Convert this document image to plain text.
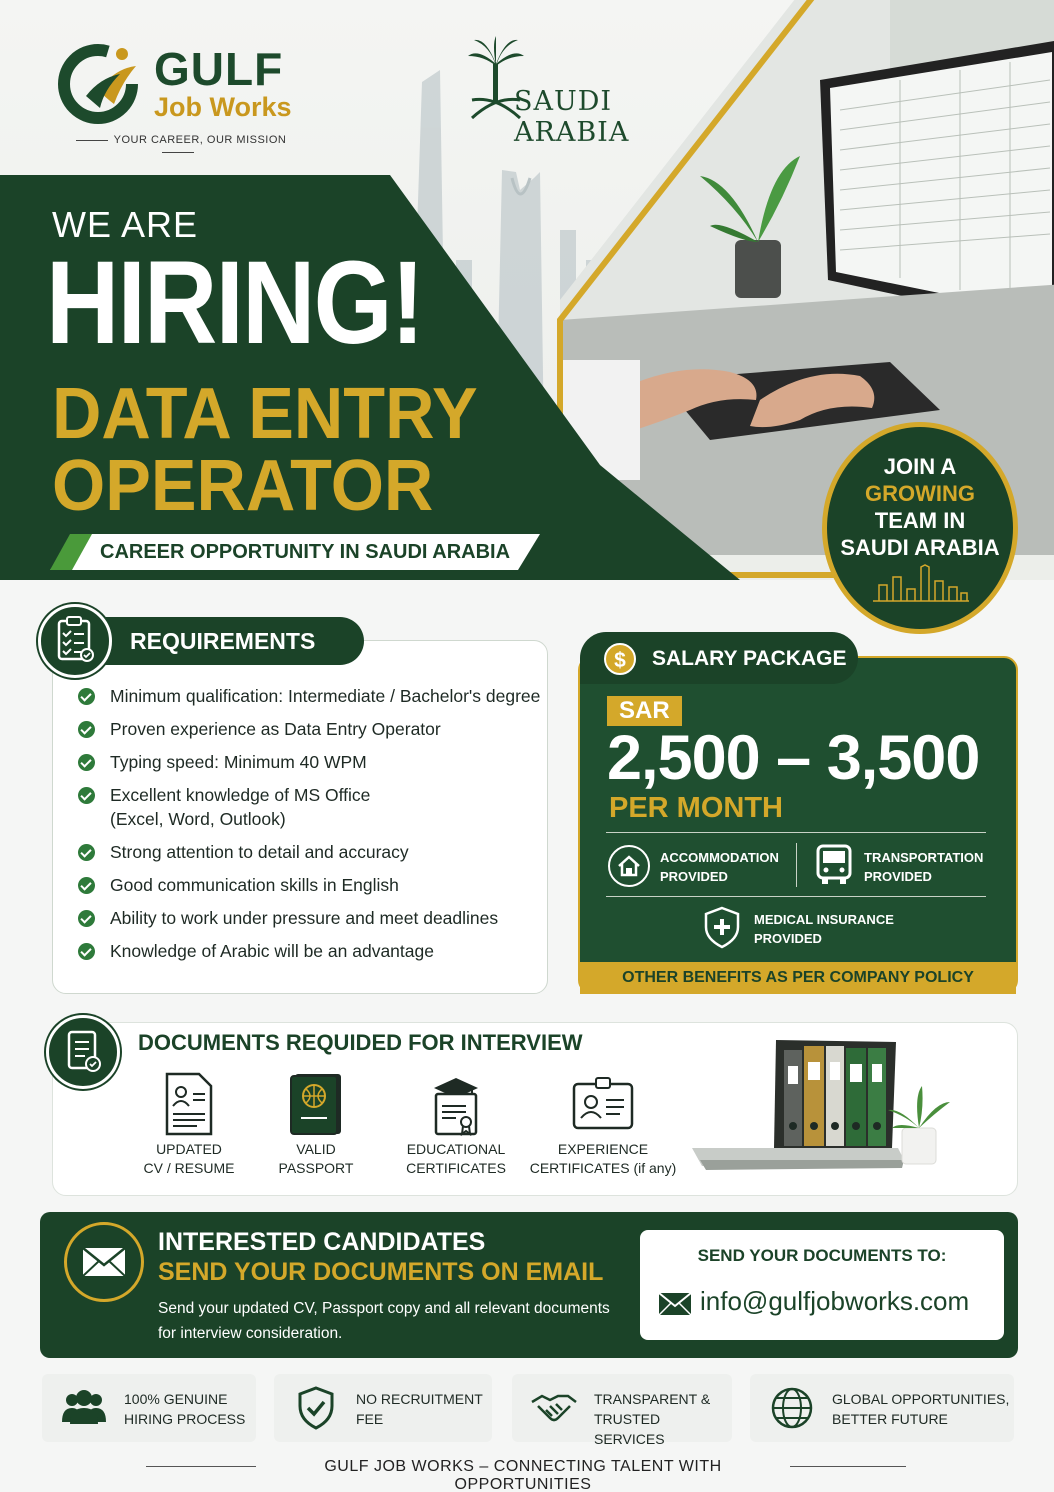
GULF
Job Works
YOUR CAREER, OUR MISSION
SAUDI
ARABIA
WE ARE
HIRING!
DATA ENTRY
OPERATOR
CAREER OPPORTUNITY IN SAUDI ARABIA
JOIN A
GROWING
TEAM IN
SAUDI ARABIA
REQUIREMENTS
Minimum qualification: Intermediate / Bachelor's degree
Proven experience as Data Entry Operator
Typing speed: Minimum 40 WPM
Excellent knowledge of MS Office (Excel, Word, Outlook)
Strong attention to detail and accuracy
Good communication skills in English
Ability to work under pressure and meet deadlines
Knowledge of Arabic will be an advantage
$	SALARY PACKAGE
SAR
2,500 – 3,500
PER MONTH
ACCOMMODATION
PROVIDED
TRANSPORTATION
PROVIDED
MEDICAL INSURANCE
PROVIDED
OTHER BENEFITS AS PER COMPANY POLICY
DOCUMENTS REQUIDED FOR INTERVIEW
UPDATED
CV / RESUME
VALID
PASSPORT
EDUCATIONAL
CERTIFICATES
EXPERIENCE
CERTIFICATES (if any)
INTERESTED CANDIDATES
SEND YOUR DOCUMENTS ON EMAIL
Send your updated CV, Passport copy and all relevant documents for interview consideration.
SEND YOUR DOCUMENTS TO:
info@gulfjobworks.com
100% GENUINE
HIRING PROCESS
NO RECRUITMENT
FEE
TRANSPARENT &
TRUSTED SERVICES
GLOBAL OPPORTUNITIES,
BETTER FUTURE
GULF JOB WORKS – CONNECTING TALENT WITH OPPORTUNITIES
